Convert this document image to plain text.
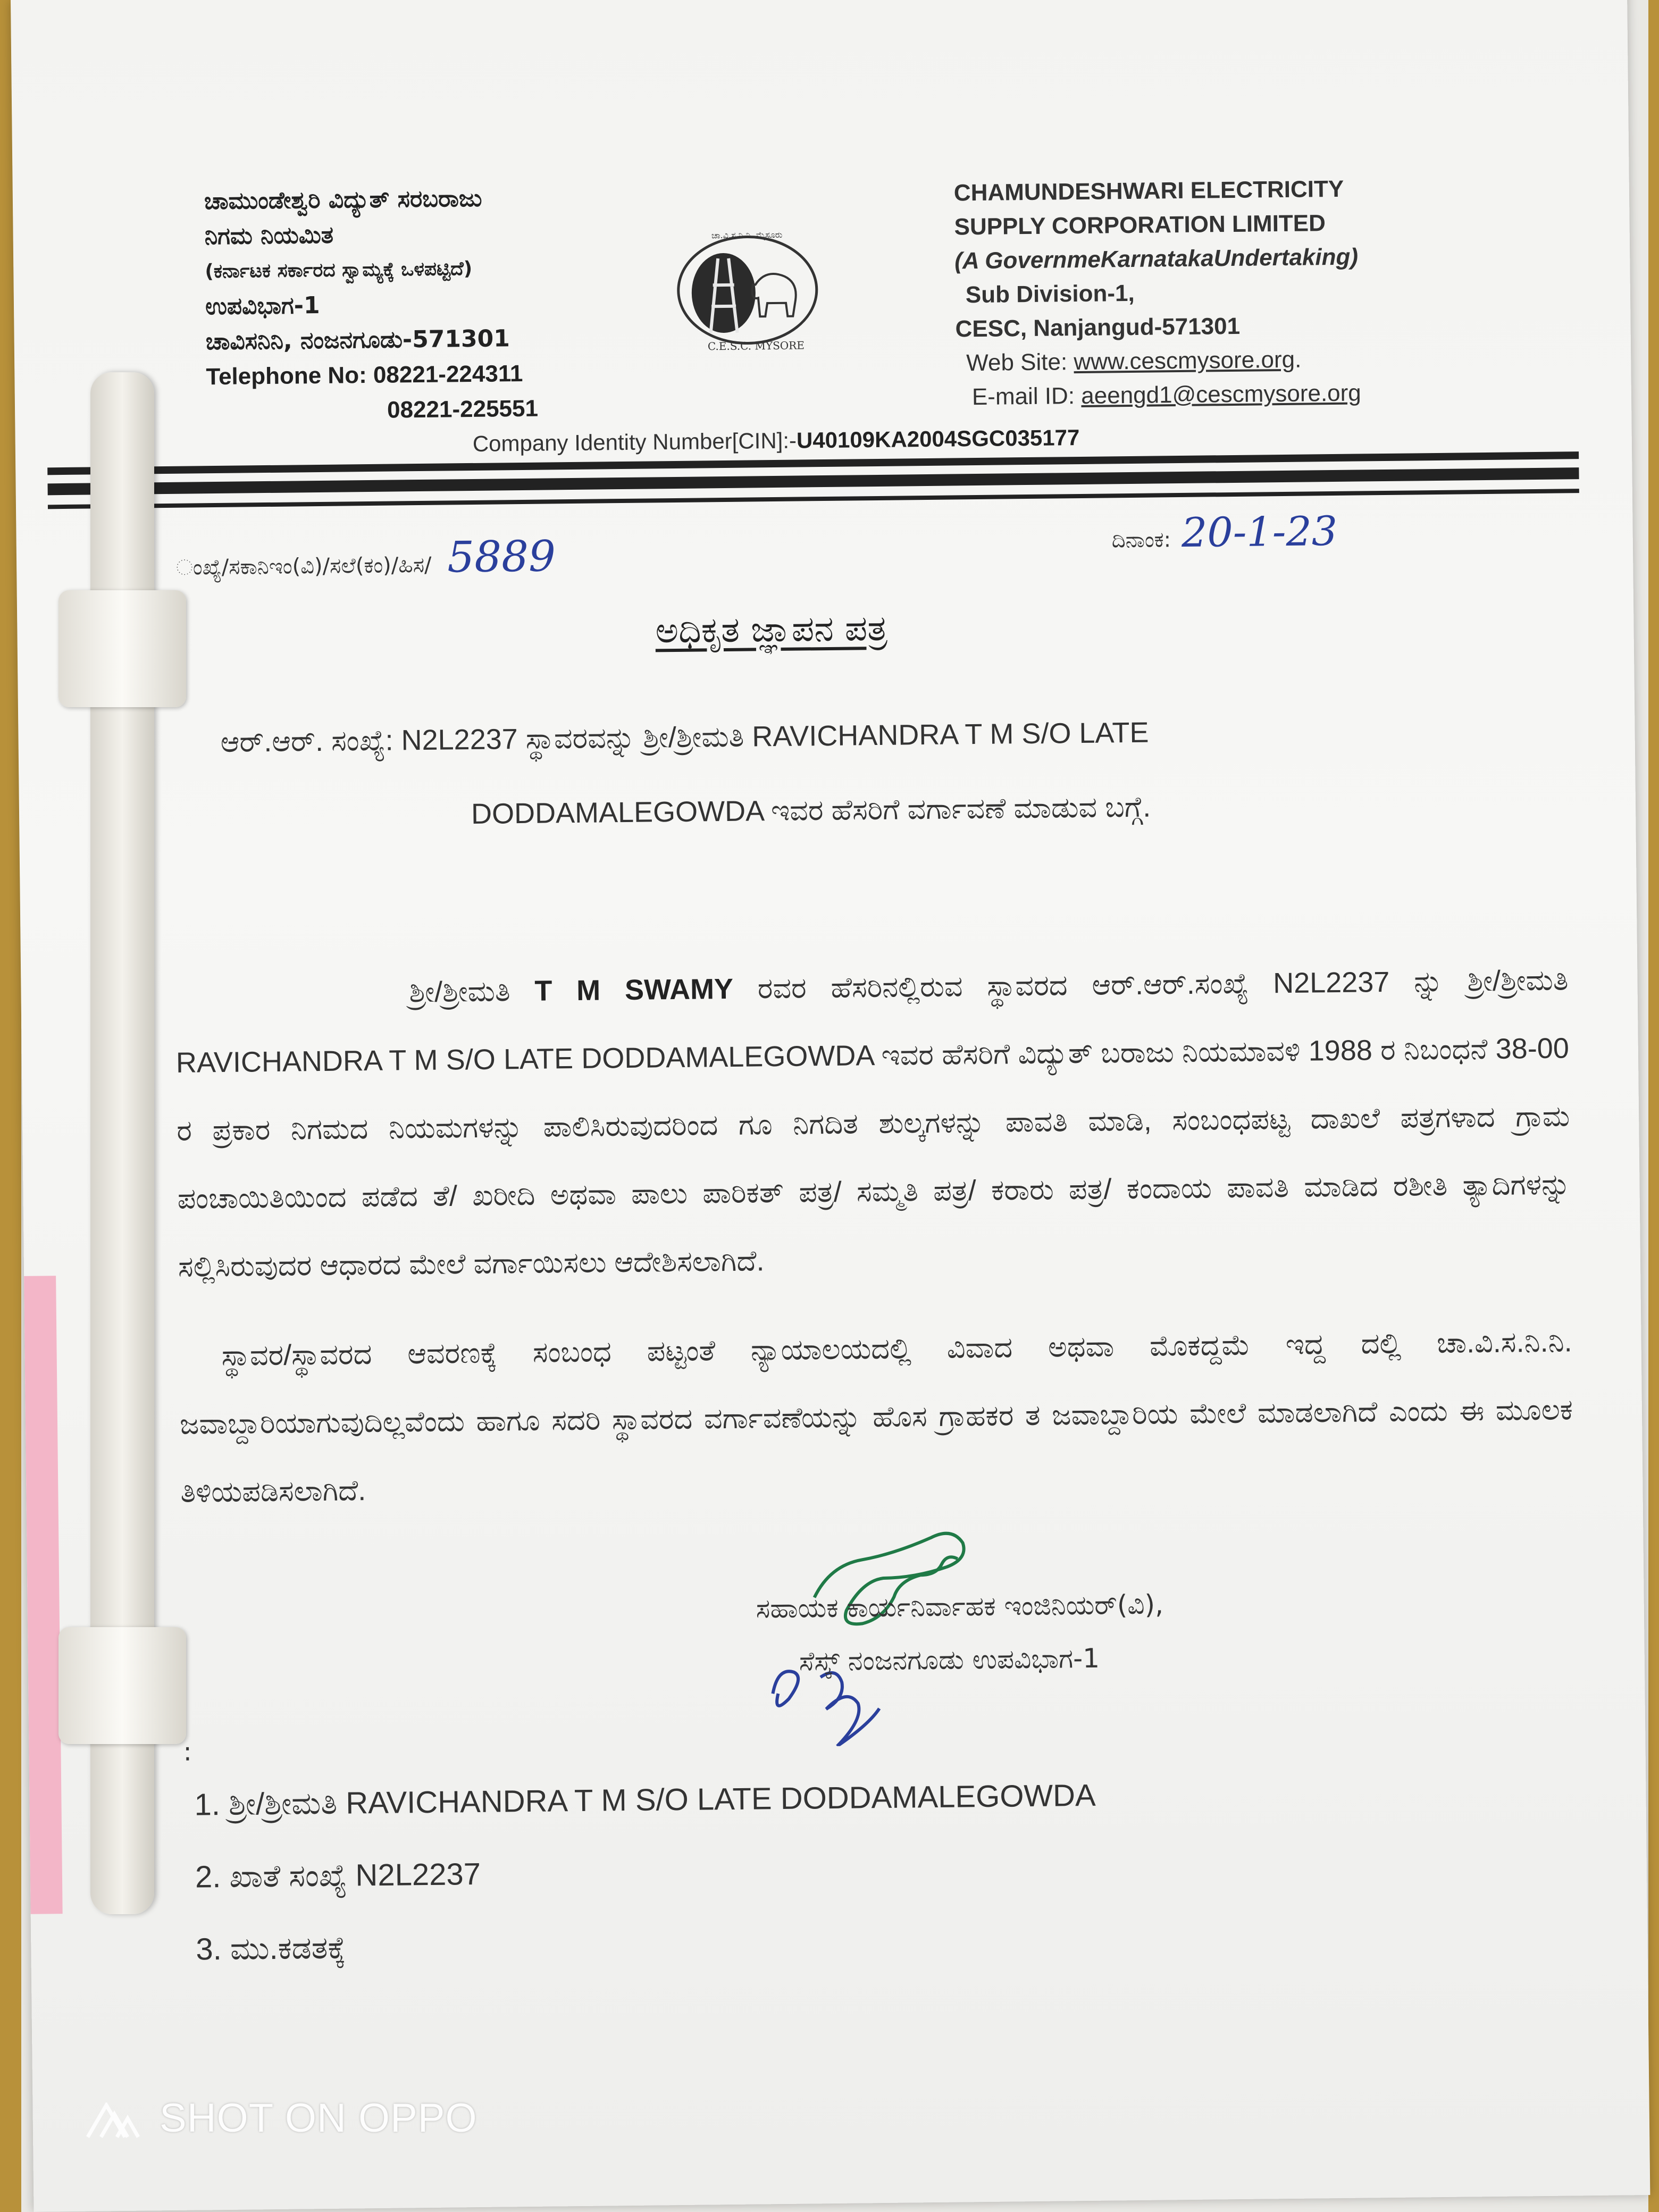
ಚಾಮುಂಡೇಶ್ವರಿ ವಿದ್ಯುತ್ ಸರಬರಾಜು
ನಿಗಮ ನಿಯಮಿತ
(ಕರ್ನಾಟಕ ಸರ್ಕಾರದ ಸ್ವಾಮ್ಯಕ್ಕೆ ಒಳಪಟ್ಟಿದೆ)
ಉಪವಿಭಾಗ-1
ಚಾವಿಸನಿನಿ, ನಂಜನಗೂಡು-571301
Telephone No: 08221-224311
08221-225551
ಚಾ.ವಿ.ಸ.ನಿ.ನಿ. ಮೈಸೂರು
C.E.S.C. MYSORE
CHAMUNDESHWARI ELECTRICITY
SUPPLY CORPORATION LIMITED
(A GovernmeKarnatakaUndertaking)
Sub Division-1,
CESC, Nanjangud-571301
Web Site: www.cescmysore.org.
E-mail ID: aeengd1@cescmysore.org
Company Identity Number[CIN]:-U40109KA2004SGC035177
ಂಖ್ಯೆ/ಸಕಾನಿಇಂ(ವಿ)/ಸಲೆ(ಕಂ)/ಹಿಸ/ 5889	ದಿನಾಂಕ: 20-1-23
ಅಧಿಕೃತ ಜ್ಞಾಪನ ಪತ್ರ
ಆರ್.ಆರ್. ಸಂಖ್ಯೆ: N2L2237 ಸ್ಥಾವರವನ್ನು ಶ್ರೀ/ಶ್ರೀಮತಿ RAVICHANDRA T M S/O LATE
DODDAMALEGOWDA ಇವರ ಹೆಸರಿಗೆ ವರ್ಗಾವಣೆ ಮಾಡುವ ಬಗ್ಗೆ.

ಶ್ರೀ/ಶ್ರೀಮತಿ T M SWAMY ರವರ ಹೆಸರಿನಲ್ಲಿರುವ ಸ್ಥಾವರದ ಆರ್.ಆರ್.ಸಂಖ್ಯೆ N2L2237 ನ್ನು ಶ್ರೀ/ಶ್ರೀಮತಿ RAVICHANDRA T M S/O LATE DODDAMALEGOWDA ಇವರ ಹೆಸರಿಗೆ ವಿದ್ಯುತ್ ಬರಾಜು ನಿಯಮಾವಳಿ 1988 ರ ನಿಬಂಧನೆ 38-00 ರ ಪ್ರಕಾರ ನಿಗಮದ ನಿಯಮಗಳನ್ನು ಪಾಲಿಸಿರುವುದರಿಂದ ಗೂ ನಿಗದಿತ ಶುಲ್ಕಗಳನ್ನು ಪಾವತಿ ಮಾಡಿ, ಸಂಬಂಧಪಟ್ಟ ದಾಖಲೆ ಪತ್ರಗಳಾದ ಗ್ರಾಮ ಪಂಚಾಯಿತಿಯಿಂದ ಪಡೆದ ತೆ/ ಖರೀದಿ ಅಥವಾ ಪಾಲು ಪಾರಿಕತ್ ಪತ್ರ/ ಸಮ್ಮತಿ ಪತ್ರ/ ಕರಾರು ಪತ್ರ/ ಕಂದಾಯ ಪಾವತಿ ಮಾಡಿದ ರಶೀತಿ ತ್ಯಾದಿಗಳನ್ನು ಸಲ್ಲಿಸಿರುವುದರ ಆಧಾರದ ಮೇಲೆ ವರ್ಗಾಯಿಸಲು ಆದೇಶಿಸಲಾಗಿದೆ.

ಸ್ಥಾವರ/ಸ್ಥಾವರದ ಆವರಣಕ್ಕೆ ಸಂಬಂಧ ಪಟ್ಟಂತೆ ನ್ಯಾಯಾಲಯದಲ್ಲಿ ವಿವಾದ ಅಥವಾ ಮೊಕದ್ದಮೆ ಇದ್ದ ದಲ್ಲಿ ಚಾ.ವಿ.ಸ.ನಿ.ನಿ. ಜವಾಬ್ದಾರಿಯಾಗುವುದಿಲ್ಲವೆಂದು ಹಾಗೂ ಸದರಿ ಸ್ಥಾವರದ ವರ್ಗಾವಣೆಯನ್ನು ಹೊಸ ಗ್ರಾಹಕರ ತ ಜವಾಬ್ದಾರಿಯ ಮೇಲೆ ಮಾಡಲಾಗಿದೆ ಎಂದು ಈ ಮೂಲಕ ತಿಳಿಯಪಡಿಸಲಾಗಿದೆ.

ಸಹಾಯಕ ಕಾರ್ಯನಿರ್ವಾಹಕ ಇಂಜಿನಿಯರ್(ವಿ),
ಸೆಸ್ಕ್ ನಂಜನಗೂಡು ಉಪವಿಭಾಗ-1
:
1. ಶ್ರೀ/ಶ್ರೀಮತಿ RAVICHANDRA T M S/O LATE DODDAMALEGOWDA
2. ಖಾತೆ ಸಂಖ್ಯೆ N2L2237
3. ಮು.ಕಡತಕ್ಕೆ
SHOT ON OPPO
